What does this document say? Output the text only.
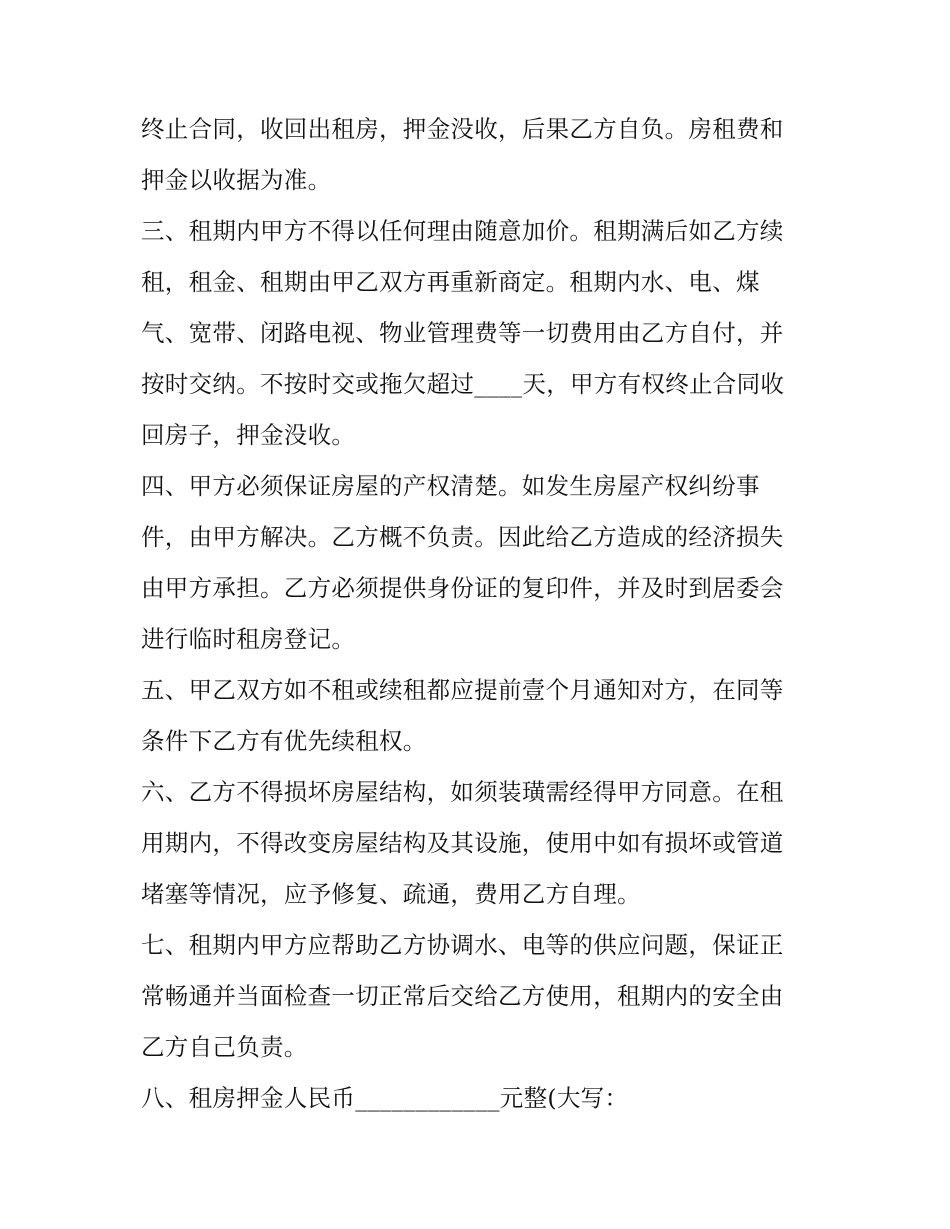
终止合同，收回出租房，押金没收，后果乙方自负。房租费和
押金以收据为准。
三、租期内甲方不得以任何理由随意加价。租期满后如乙方续
租，租金、租期由甲乙双方再重新商定。租期内水、电、煤
气、宽带、闭路电视、物业管理费等一切费用由乙方自付，并
按时交纳。不按时交或拖欠超过____天，甲方有权终止合同收
回房子，押金没收。
四、甲方必须保证房屋的产权清楚。如发生房屋产权纠纷事
件，由甲方解决。乙方概不负责。因此给乙方造成的经济损失
由甲方承担。乙方必须提供身份证的复印件，并及时到居委会
进行临时租房登记。
五、甲乙双方如不租或续租都应提前壹个月通知对方，在同等
条件下乙方有优先续租权。
六、乙方不得损坏房屋结构，如须装璜需经得甲方同意。在租
用期内，不得改变房屋结构及其设施，使用中如有损坏或管道
堵塞等情况，应予修复、疏通，费用乙方自理。
七、租期内甲方应帮助乙方协调水、电等的供应问题，保证正
常畅通并当面检查一切正常后交给乙方使用，租期内的安全由
乙方自己负责。
八、租房押金人民币____________元整(大写：
